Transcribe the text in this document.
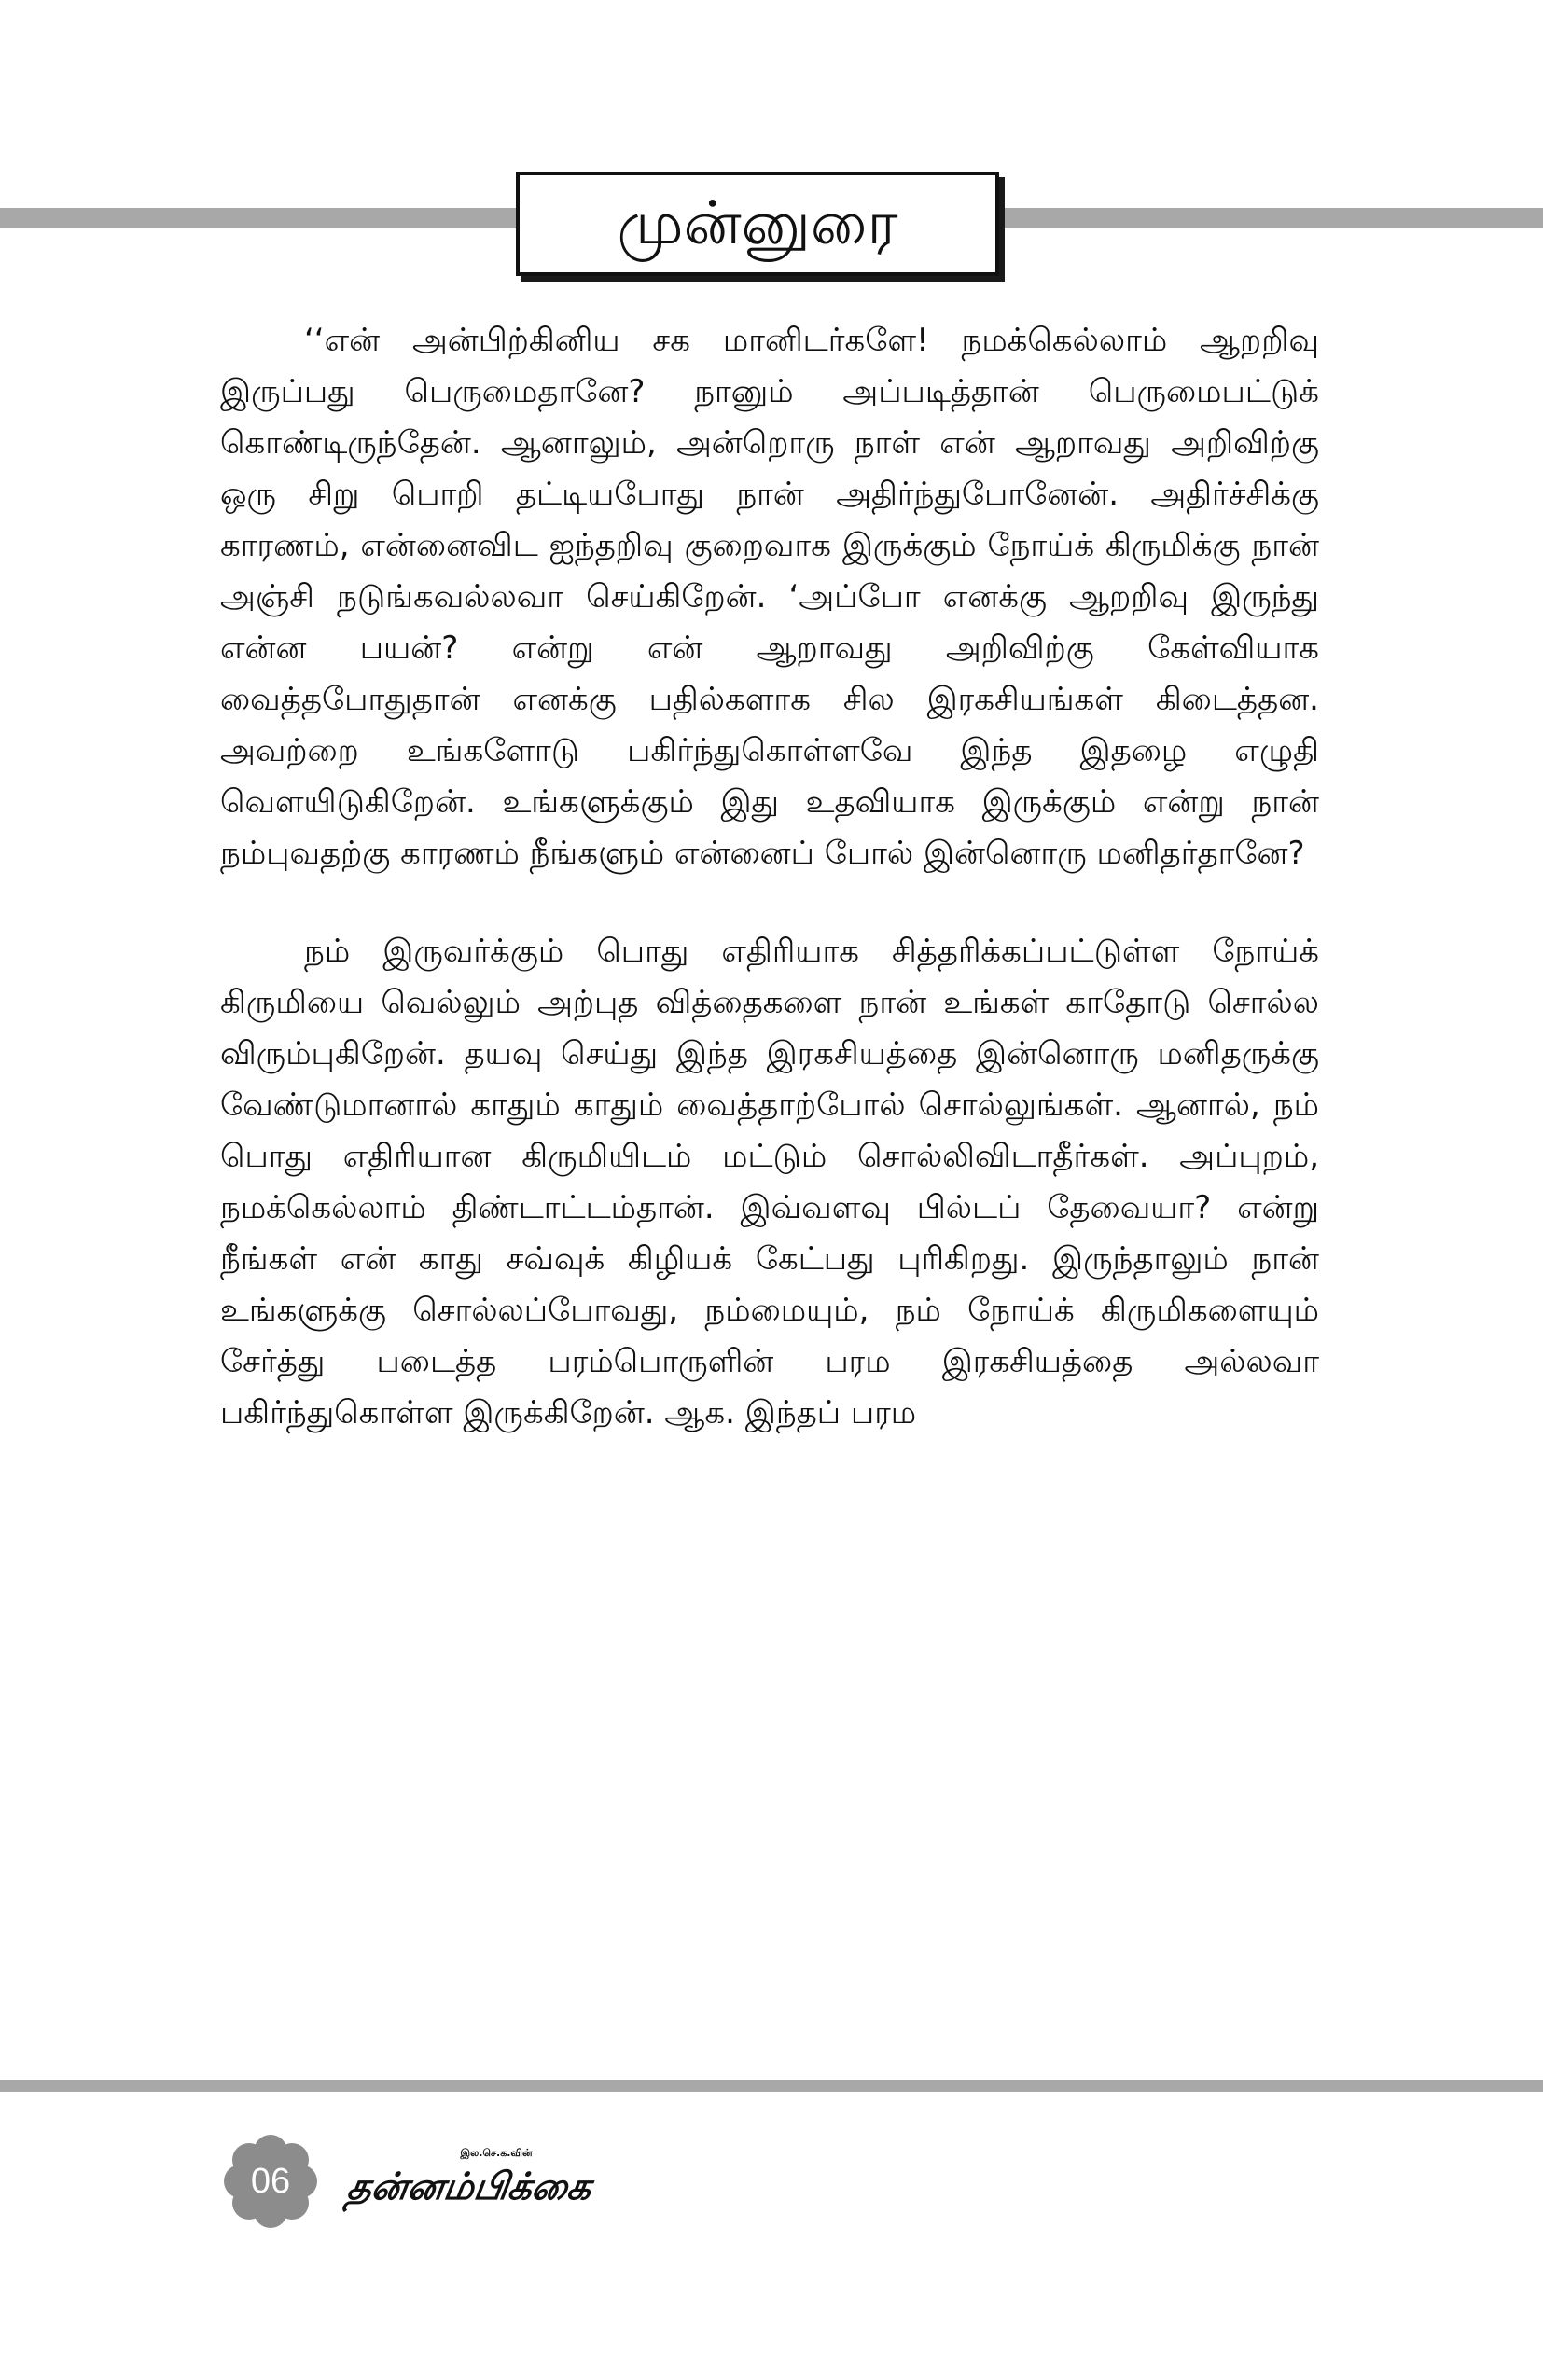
முன்னுரை

‘‘என் அன்பிற்கினிய சக மானிடர்களே! நமக்கெல்லாம் ஆறறிவு இருப்பது பெருமைதானே? நானும் அப்படித்தான் பெருமைபட்டுக் கொண்டிருந்தேன். ஆனாலும், அன்றொரு நாள் என் ஆறாவது அறிவிற்கு ஒரு சிறு பொறி தட்டியபோது நான் அதிர்ந்துபோனேன். அதிர்ச்சிக்கு காரணம், என்னைவிட ஐந்தறிவு குறைவாக இருக்கும் நோய்க் கிருமிக்கு நான் அஞ்சி நடுங்கவல்லவா செய்கிறேன். ‘அப்போ எனக்கு ஆறறிவு இருந்து என்ன பயன்? என்று என் ஆறாவது அறிவிற்கு கேள்வியாக வைத்தபோதுதான் எனக்கு பதில்களாக சில இரகசியங்கள் கிடைத்தன. அவற்றை உங்களோடு பகிர்ந்துகொள்ளவே இந்த இதழை எழுதி வெளயிடுகிறேன். உங்களுக்கும் இது உதவியாக இருக்கும் என்று நான் நம்புவதற்கு காரணம் நீங்களும் என்னைப் போல் இன்னொரு மனிதர்தானே?

நம் இருவர்க்கும் பொது எதிரியாக சித்தரிக்கப்பட்டுள்ள நோய்க் கிருமியை வெல்லும் அற்புத வித்தைகளை நான் உங்கள் காதோடு சொல்ல விரும்புகிறேன். தயவு செய்து இந்த இரகசியத்தை இன்னொரு மனிதருக்கு வேண்டுமானால் காதும் காதும் வைத்தாற்போல் சொல்லுங்கள். ஆனால், நம் பொது எதிரியான கிருமியிடம் மட்டும் சொல்லிவிடாதீர்கள். அப்புறம், நமக்கெல்லாம் திண்டாட்டம்தான். இவ்வளவு பில்டப் தேவையா? என்று நீங்கள் என் காது சவ்வுக் கிழியக் கேட்பது புரிகிறது. இருந்தாலும் நான் உங்களுக்கு சொல்லப்போவது, நம்மையும், நம் நோய்க் கிருமிகளையும் சேர்த்து படைத்த பரம்பொருளின் பரம இரகசியத்தை அல்லவா பகிர்ந்துகொள்ள இருக்கிறேன். ஆக. இந்தப் பரம

06
இல.செ.க.வின்
தன்னம்பிக்கை
